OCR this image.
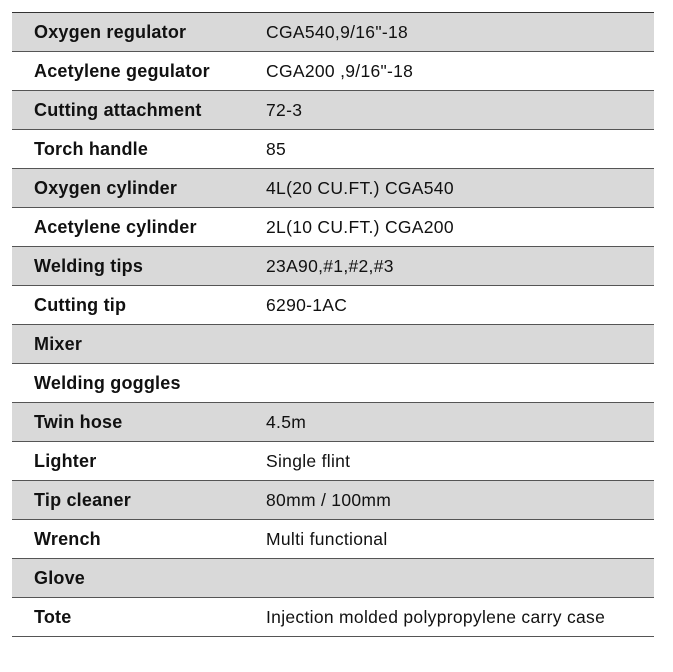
Oxygen regulator	CGA540,9/16"-18
Acetylene gegulator	CGA200 ,9/16"-18
Cutting attachment	72-3
Torch handle	85
Oxygen cylinder	4L(20 CU.FT.) CGA540
Acetylene cylinder	2L(10 CU.FT.) CGA200
Welding tips	23A90,#1,#2,#3
Cutting tip	6290-1AC
Mixer
Welding goggles
Twin hose	4.5m
Lighter	Single flint
Tip cleaner	80mm / 100mm
Wrench	Multi functional
Glove
Tote	Injection molded polypropylene carry case
